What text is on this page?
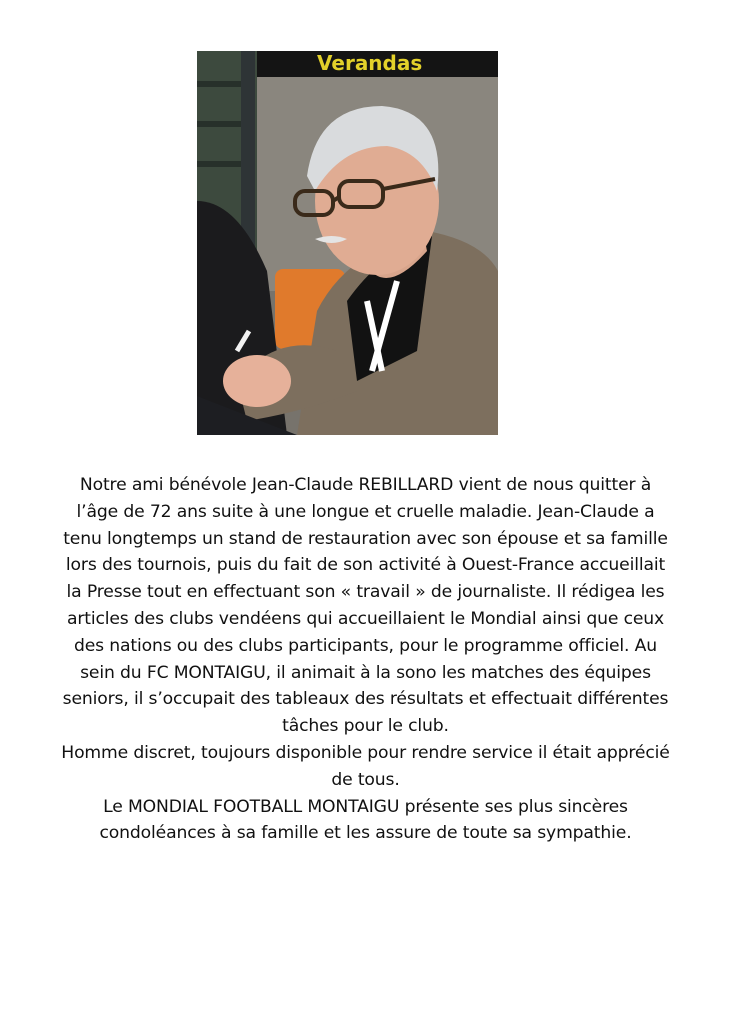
Verandas

Notre ami bénévole Jean-Claude REBILLARD vient de nous quitter à l’âge de 72 ans suite à une longue et cruelle maladie. Jean-Claude a tenu longtemps un stand de restauration avec son épouse et sa famille lors des tournois, puis du fait de son activité à Ouest-France accueillait la Presse tout en effectuant son « travail » de journaliste. Il rédigea les articles des clubs vendéens qui accueillaient le Mondial ainsi que ceux des nations ou des clubs participants, pour le programme officiel. Au sein du FC MONTAIGU, il animait à la sono les matches des équipes seniors, il s’occupait des tableaux des résultats et effectuait différentes tâches pour le club.

Homme discret, toujours disponible pour rendre service il était apprécié de tous.

Le MONDIAL FOOTBALL MONTAIGU présente ses plus sincères condoléances à sa famille et les assure de toute sa sympathie.
